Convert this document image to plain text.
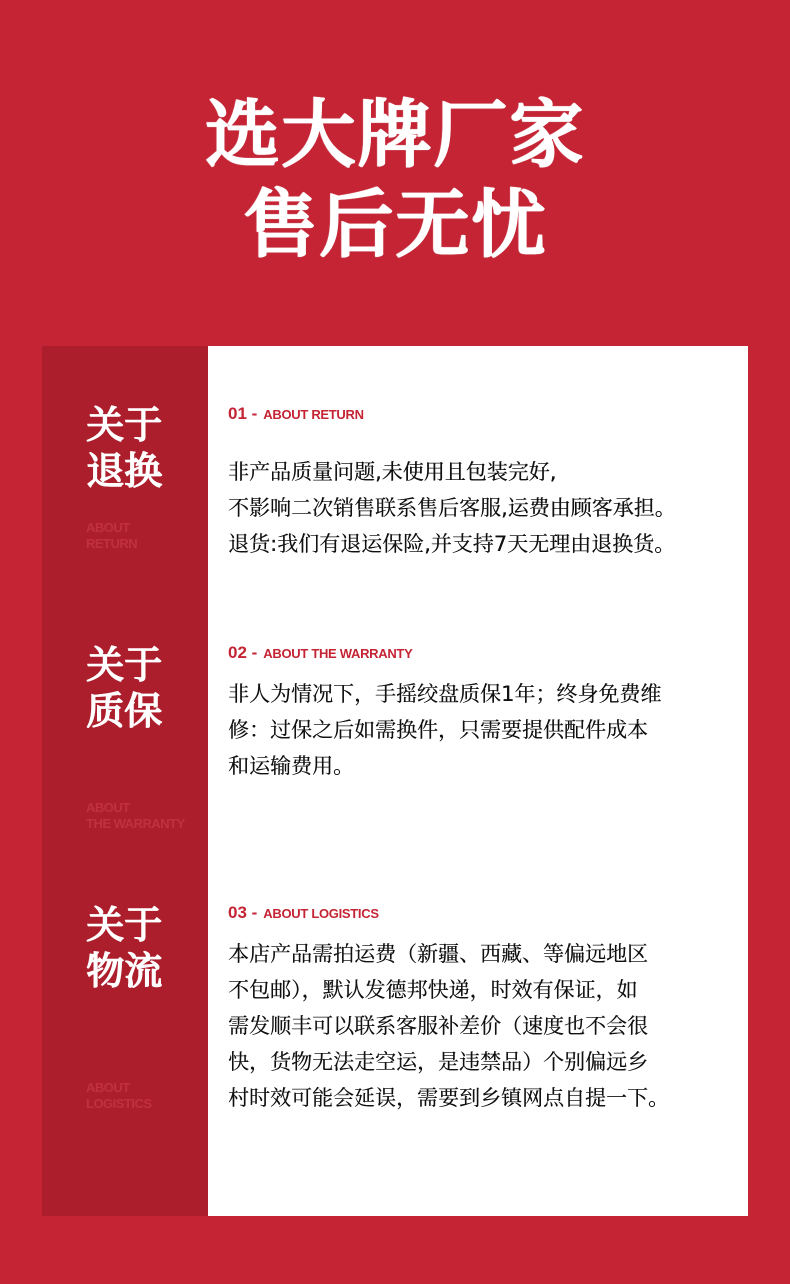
选大牌厂家
售后无忧
关于
退换
ABOUT
RETURN
关于
质保
ABOUT
THE WARRANTY
关于
物流
ABOUT
LOGISTICS
01 - ABOUT RETURN
非产品质量问题,未使用且包装完好,
不影响二次销售联系售后客服,运费由顾客承担。
退货:我们有退运保险,并支持7天无理由退换货。
02 - ABOUT THE WARRANTY
非人为情况下，手摇绞盘质保1年；终身免费维
修：过保之后如需换件，只需要提供配件成本
和运输费用。
03 - ABOUT LOGISTICS
本店产品需拍运费（新疆、西藏、等偏远地区
不包邮），默认发德邦快递，时效有保证，如
需发顺丰可以联系客服补差价（速度也不会很
快，货物无法走空运，是违禁品）个别偏远乡
村时效可能会延误，需要到乡镇网点自提一下。
